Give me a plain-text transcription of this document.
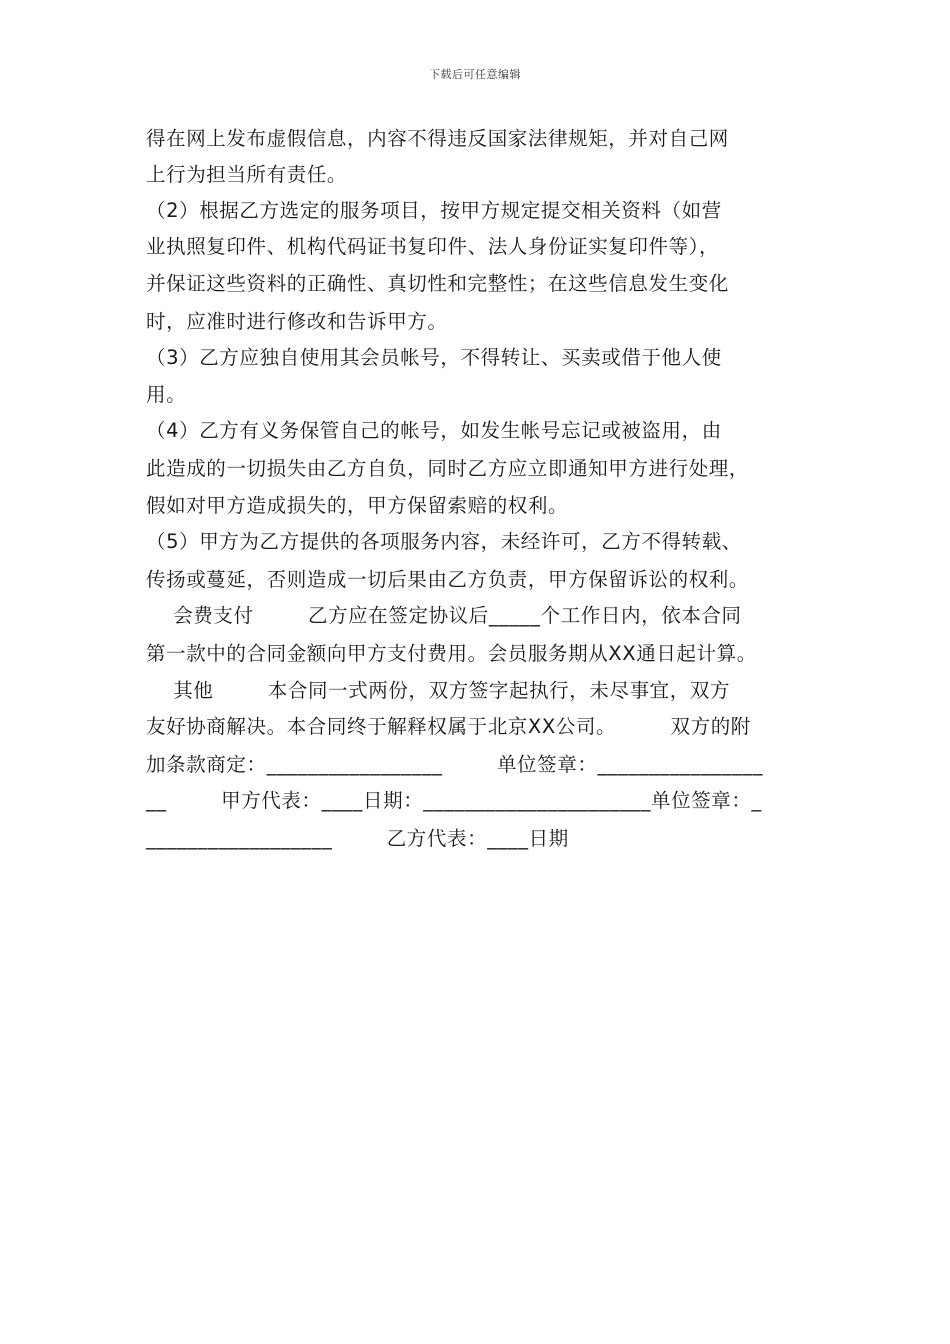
下载后可任意编辑
得在网上发布虚假信息，内容不得违反国家法律规矩，并对自己网
上行为担当所有责任。
（2）根据乙方选定的服务项目，按甲方规定提交相关资料（如营
业执照复印件、机构代码证书复印件、法人身份证实复印件等），
并保证这些资料的正确性、真切性和完整性；在这些信息发生变化
时，应准时进行修改和告诉甲方。
（3）乙方应独自使用其会员帐号，不得转让、买卖或借于他人使
用。
（4）乙方有义务保管自己的帐号，如发生帐号忘记或被盗用，由
此造成的一切损失由乙方自负，同时乙方应立即通知甲方进行处理，
假如对甲方造成损失的，甲方保留索赔的权利。
（5）甲方为乙方提供的各项服务内容，未经许可，乙方不得转载、
传扬或蔓延，否则造成一切后果由乙方负责，甲方保留诉讼的权利。
会费支付        乙方应在签定协议后_____个工作日内，依本合同
第一款中的合同金额向甲方支付费用。会员服务期从XX通日起计算。
其他        本合同一式两份，双方签字起执行，未尽事宜，双方
友好协商解决。本合同终于解释权属于北京XX公司。        双方的附
加条款商定：_________________        单位签章：________________
__        甲方代表：____日期：______________________单位签章：_
__________________        乙方代表：____日期
